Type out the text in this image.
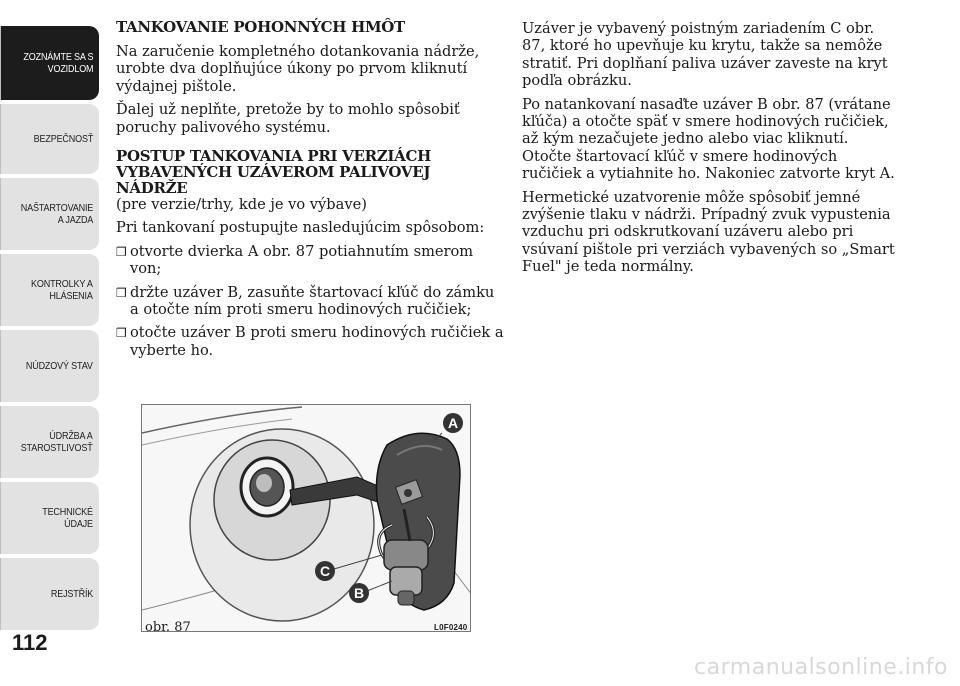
ZOZNÁMTE SA S
VOZIDLOM
BEZPEČNOSŤ
NAŠTARTOVANIE
A JAZDA
KONTROLKY A
HLÁSENIA
NÚDZOVÝ STAV
ÚDRŽBA A
STAROSTLIVOSŤ
TECHNICKÉ
ÚDAJE
REJSTŘÍK
112
TANKOVANIE POHONNÝCH HMÔT

Na zaručenie kompletného dotankovania nádrže, urobte dva doplňujúce úkony po prvom kliknutí výdajnej pištole.

Ďalej už neplňte, pretože by to mohlo spôsobiť poruchy palivového systému.

POSTUP TANKOVANIA PRI VERZIÁCH VYBAVENÝCH UZÁVEROM PALIVOVEJ NÁDRŽE
(pre verzie/trhy, kde je vo výbave)

Pri tankovaní postupujte nasledujúcim spôsobom:

❒ otvorte dvierka A obr. 87 potiahnutím smerom von;
❒ držte uzáver B, zasuňte štartovací kľúč do zámku a otočte ním proti smeru hodinových ručičiek;
❒ otočte uzáver B proti smeru hodinových ručičiek a vyberte ho.

Uzáver je vybavený poistným zariadením C obr. 87, ktoré ho upevňuje ku krytu, takže sa nemôže stratiť. Pri doplňaní paliva uzáver zaveste na kryt podľa obrázku.

Po natankovaní nasaďte uzáver B obr. 87 (vrátane kľúča) a otočte späť v smere hodinových ručičiek, až kým nezačujete jedno alebo viac kliknutí. Otočte štartovací kľúč v smere hodinových ručičiek a vytiahnite ho. Nakoniec zatvorte kryt A.

Hermetické uzatvorenie môže spôsobiť jemné zvýšenie tlaku v nádrži. Prípadný zvuk vypustenia vzduchu pri odskrutkovaní uzáveru alebo pri vsúvaní pištole pri verziách vybavených so „Smart Fuel" je teda normálny.

A
C
B
obr. 87	L0F0240
carmanualsonline.info
